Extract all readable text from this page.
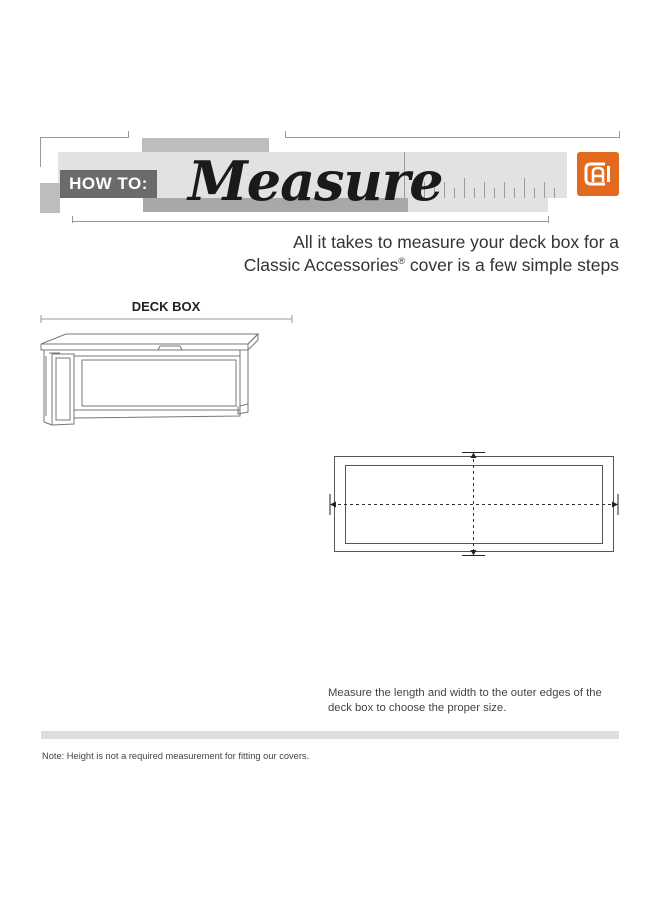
HOW TO: Measure
All it takes to measure your deck box for a
Classic Accessories® cover is a few simple steps
DECK BOX
Measure the length and width to the outer edges of the deck box to choose the proper size.
Note: Height is not a required measurement for fitting our covers.
